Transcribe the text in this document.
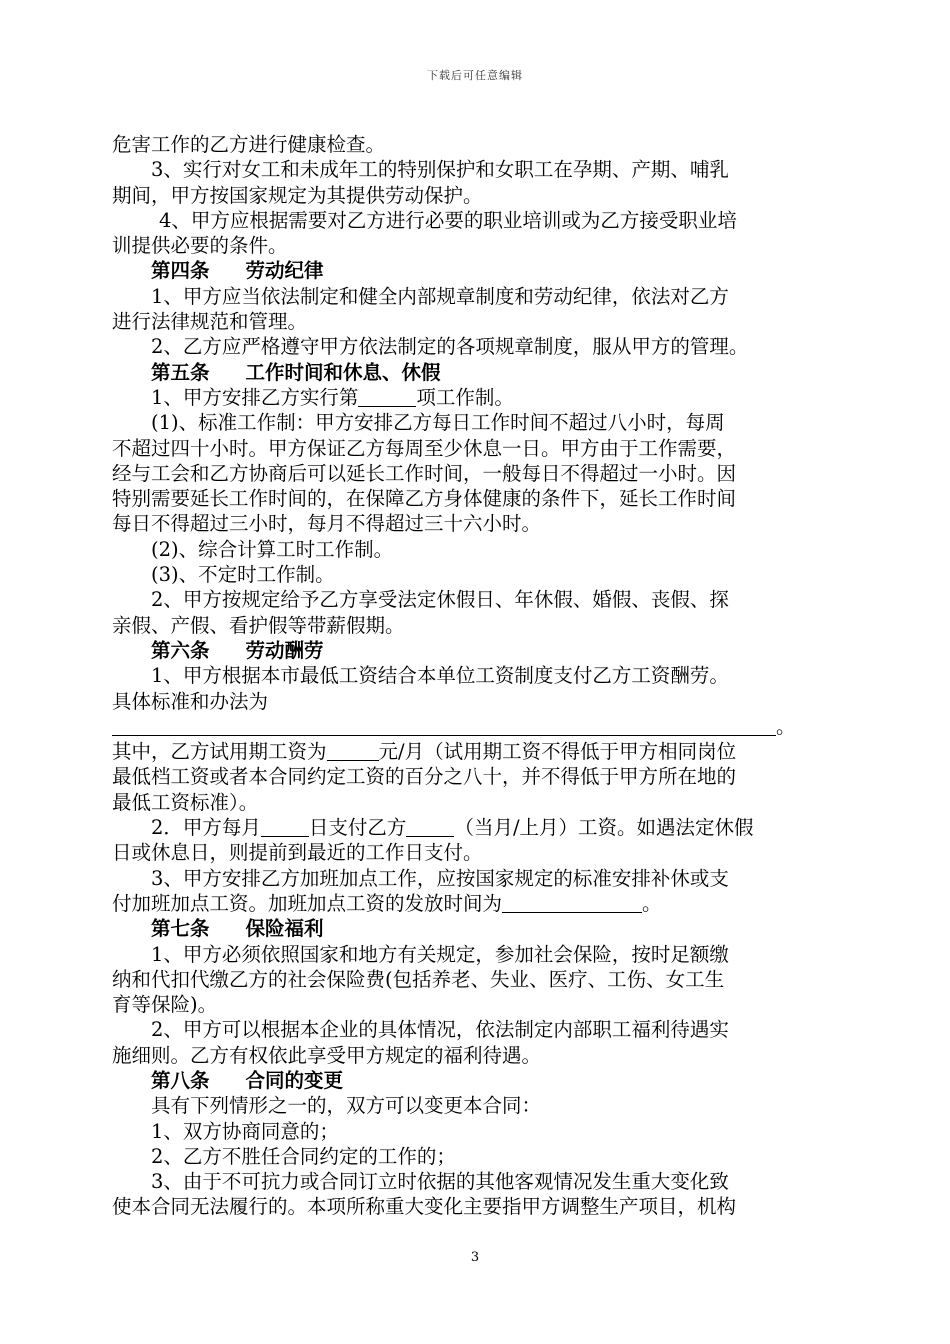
下载后可任意编辑

危害工作的乙方进行健康检查。

3、实行对女工和未成年工的特别保护和女职工在孕期、产期、哺乳

期间，甲方按国家规定为其提供劳动保护。

4、甲方应根据需要对乙方进行必要的职业培训或为乙方接受职业培

训提供必要的条件。

第四条 劳动纪律

1、甲方应当依法制定和健全内部规章制度和劳动纪律，依法对乙方

进行法律规范和管理。

2、乙方应严格遵守甲方依法制定的各项规章制度，服从甲方的管理。

第五条 工作时间和休息、休假

1、甲方安排乙方实行第	项工作制。

(1)、标准工作制：甲方安排乙方每日工作时间不超过八小时，每周

不超过四十小时。甲方保证乙方每周至少休息一日。甲方由于工作需要，

经与工会和乙方协商后可以延长工作时间，一般每日不得超过一小时。因

特别需要延长工作时间的，在保障乙方身体健康的条件下，延长工作时间

每日不得超过三小时，每月不得超过三十六小时。

(2)、综合计算工时工作制。

(3)、不定时工作制。

2、甲方按规定给予乙方享受法定休假日、年休假、婚假、丧假、探

亲假、产假、看护假等带薪假期。

第六条 劳动酬劳

1、甲方根据本市最低工资结合本单位工资制度支付乙方工资酬劳。

具体标准和办法为

。

其中，乙方试用期工资为	元/月（试用期工资不得低于甲方相同岗位

最低档工资或者本合同约定工资的百分之八十，并不得低于甲方所在地的

最低工资标准）。

2．甲方每月 日支付乙方 （当月/上月）工资。如遇法定休假

日或休息日，则提前到最近的工作日支付。

3、甲方安排乙方加班加点工作，应按国家规定的标准安排补休或支

付加班加点工资。加班加点工资的发放时间为	。

第七条 保险福利

1、甲方必须依照国家和地方有关规定，参加社会保险，按时足额缴

纳和代扣代缴乙方的社会保险费(包括养老、失业、医疗、工伤、女工生

育等保险)。

2、甲方可以根据本企业的具体情况，依法制定内部职工福利待遇实

施细则。乙方有权依此享受甲方规定的福利待遇。

第八条 合同的变更

具有下列情形之一的，双方可以变更本合同：

1、双方协商同意的；

2、乙方不胜任合同约定的工作的；

3、由于不可抗力或合同订立时依据的其他客观情况发生重大变化致

使本合同无法履行的。本项所称重大变化主要指甲方调整生产项目，机构

3
